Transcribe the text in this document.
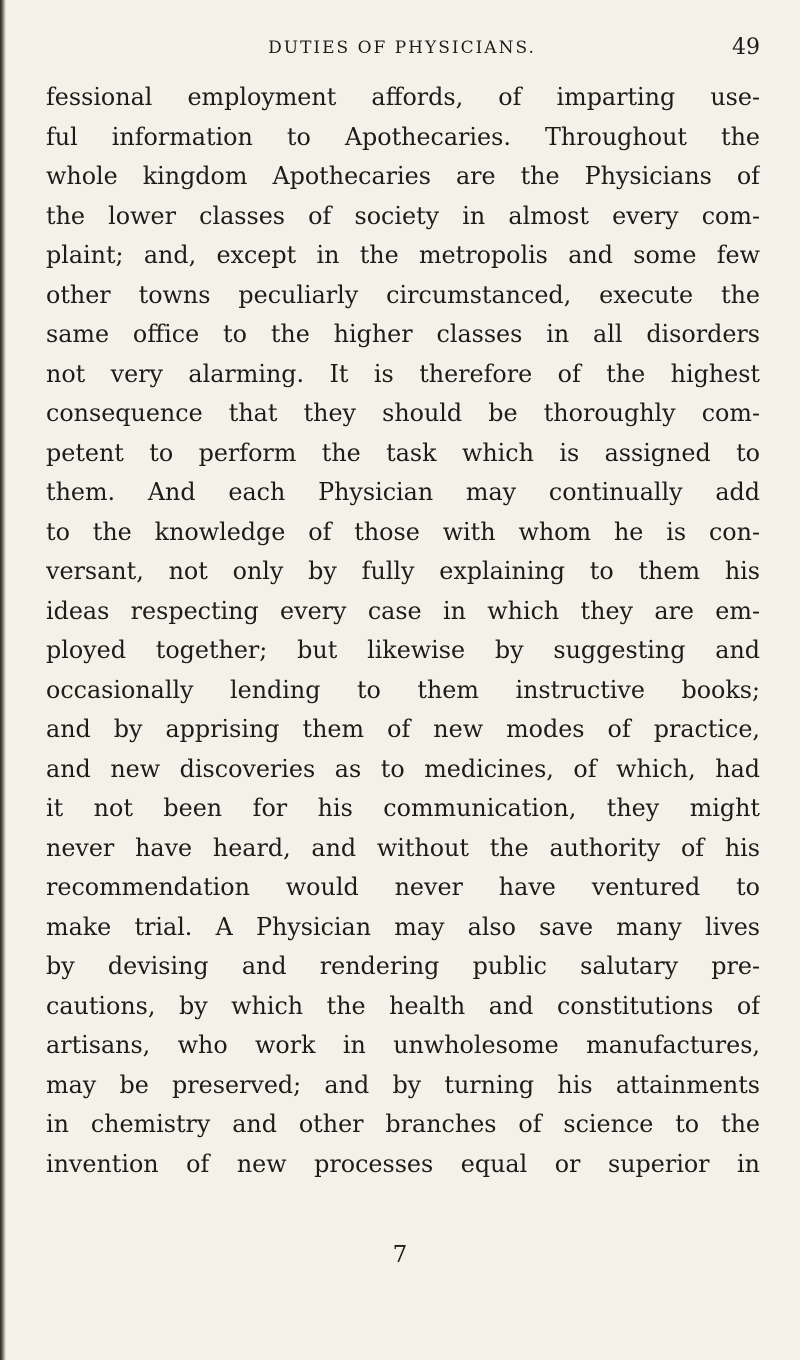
DUTIES OF PHYSICIANS.	49
fessional employment affords, of imparting use-
ful information to Apothecaries. Throughout the
whole kingdom Apothecaries are the Physicians of
the lower classes of society in almost every com-
plaint; and, except in the metropolis and some few
other towns peculiarly circumstanced, execute the
same office to the higher classes in all disorders
not very alarming. It is therefore of the highest
consequence that they should be thoroughly com-
petent to perform the task which is assigned to
them. And each Physician may continually add
to the knowledge of those with whom he is con-
versant, not only by fully explaining to them his
ideas respecting every case in which they are em-
ployed together; but likewise by suggesting and
occasionally lending to them instructive books;
and by apprising them of new modes of practice,
and new discoveries as to medicines, of which, had
it not been for his communication, they might
never have heard, and without the authority of his
recommendation would never have ventured to
make trial. A Physician may also save many lives
by devising and rendering public salutary pre-
cautions, by which the health and constitutions of
artisans, who work in unwholesome manufactures,
may be preserved; and by turning his attainments
in chemistry and other branches of science to the
invention of new processes equal or superior in
7
